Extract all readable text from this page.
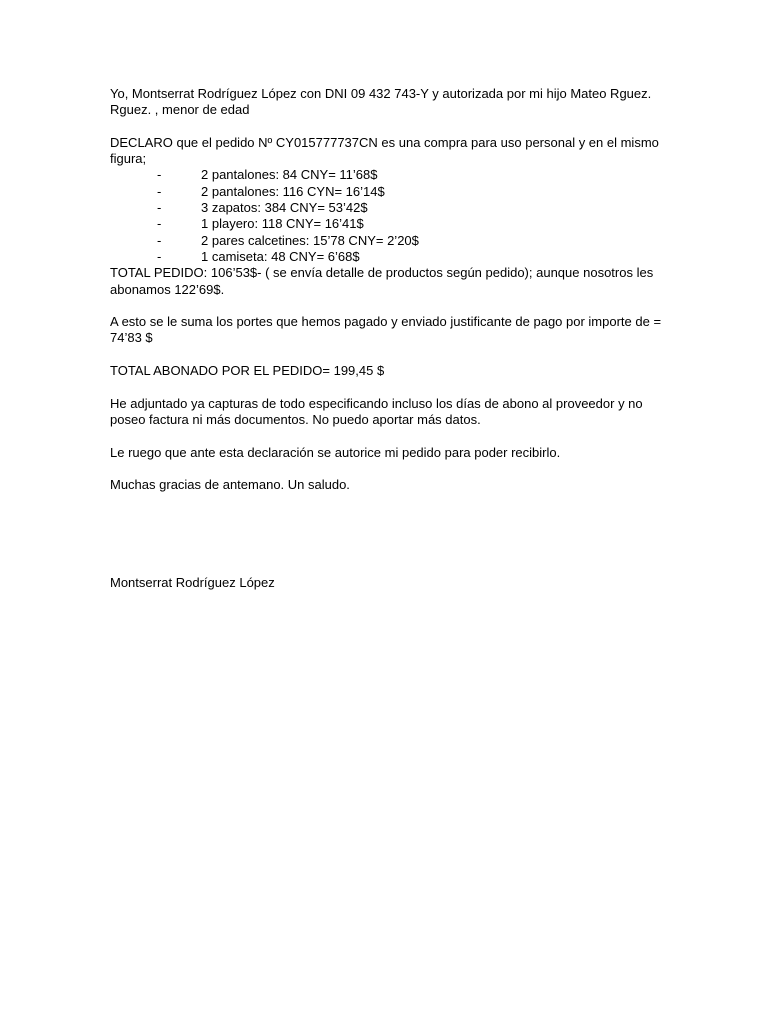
Yo, Montserrat Rodríguez López con DNI 09 432 743-Y y autorizada por mi hijo Mateo Rguez. Rguez. , menor de edad

DECLARO que el pedido Nº CY015777737CN es una compra para uso personal y en el mismo figura;

-	2 pantalones: 84 CNY= 11’68$
-	2 pantalones: 116 CYN= 16’14$
-	3 zapatos: 384 CNY= 53’42$
-	1 playero: 118 CNY= 16’41$
-	2 pares calcetines: 15’78 CNY= 2’20$
-	1 camiseta: 48 CNY= 6’68$

TOTAL PEDIDO: 106’53$- ( se envía detalle de productos según pedido); aunque nosotros les abonamos 122’69$.

A esto se le suma los portes que hemos pagado y enviado justificante de pago por importe de = 74’83 $

TOTAL ABONADO POR EL PEDIDO= 199,45 $

He adjuntado ya capturas de todo especificando incluso los días de abono al proveedor y no poseo factura ni más documentos. No puedo aportar más datos.

Le ruego que ante esta declaración se autorice mi pedido para poder recibirlo.

Muchas gracias de antemano. Un saludo.

Montserrat Rodríguez López
